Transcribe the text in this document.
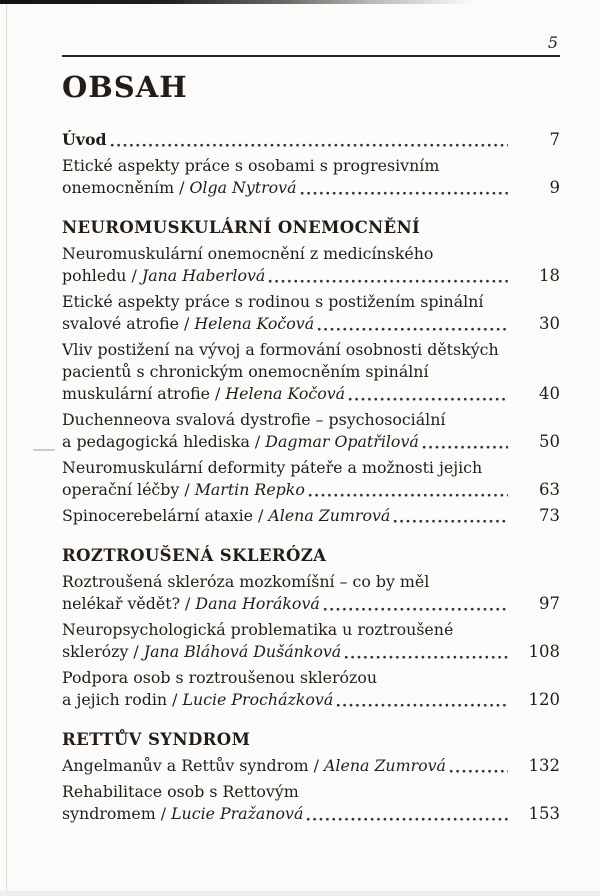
5
OBSAH
Úvod	7
Etické aspekty práce s osobami s progresivním
onemocněním / Olga Nytrová	9
NEUROMUSKULÁRNÍ ONEMOCNĚNÍ
Neuromuskulární onemocnění z medicínského
pohledu / Jana Haberlová	18
Etické aspekty práce s rodinou s postižením spinální
svalové atrofie / Helena Kočová	30
Vliv postižení na vývoj a formování osobnosti dětských
pacientů s chronickým onemocněním spinální
muskulární atrofie / Helena Kočová	40
Duchenneova svalová dystrofie – psychosociální
a pedagogická hlediska / Dagmar Opatřilová	50
Neuromuskulární deformity páteře a možnosti jejich
operační léčby / Martin Repko	63
Spinocerebelární ataxie / Alena Zumrová	73
ROZTROUŠENÁ SKLERÓZA
Roztroušená skleróza mozkomíšní – co by měl
nelékař vědět? / Dana Horáková	97
Neuropsychologická problematika u roztroušené
sklerózy / Jana Bláhová Dušánková	108
Podpora osob s roztroušenou sklerózou
a jejich rodin / Lucie Procházková	120
RETTŮV SYNDROM
Angelmanův a Rettův syndrom / Alena Zumrová	132
Rehabilitace osob s Rettovým
syndromem / Lucie Pražanová	153
